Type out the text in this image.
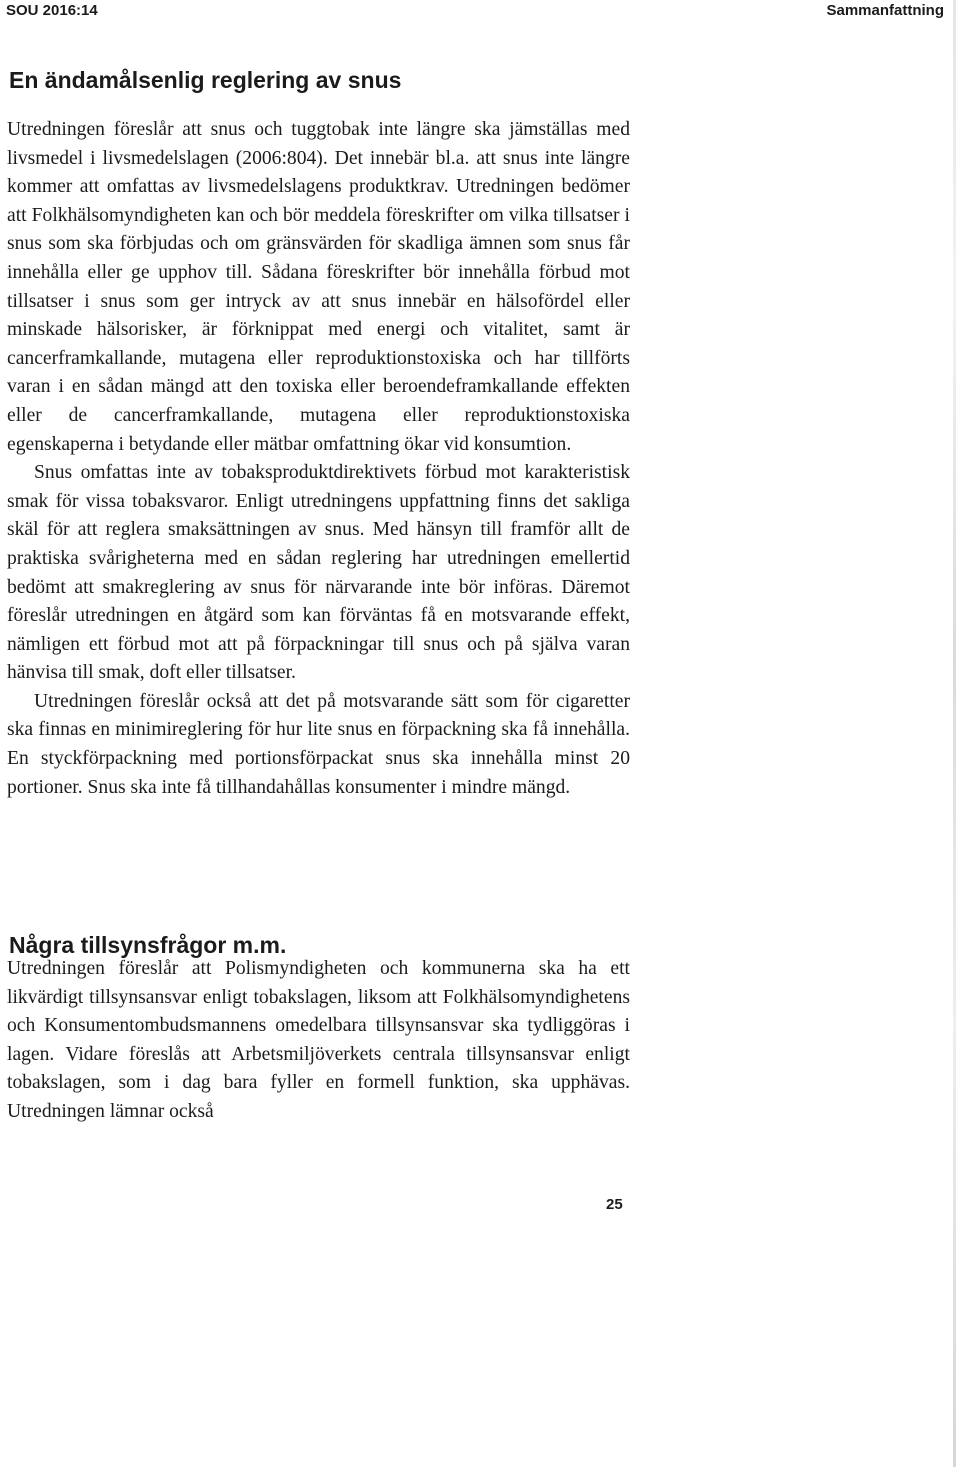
SOU 2016:14	Sammanfattning
En ändamålsenlig reglering av snus

Utredningen föreslår att snus och tuggtobak inte längre ska jämställas med livsmedel i livsmedelslagen (2006:804). Det innebär bl.a. att snus inte längre kommer att omfattas av livsmedelslagens produktkrav. Utredningen bedömer att Folkhälsomyndigheten kan och bör meddela föreskrifter om vilka tillsatser i snus som ska förbjudas och om gränsvärden för skadliga ämnen som snus får innehålla eller ge upphov till. Sådana föreskrifter bör innehålla förbud mot tillsatser i snus som ger intryck av att snus innebär en hälsofördel eller minskade hälsorisker, är förknippat med energi och vitalitet, samt är cancerframkallande, mutagena eller reproduktionstoxiska och har tillförts varan i en sådan mängd att den toxiska eller beroendeframkallande effekten eller de cancerframkallande, mutagena eller reproduktionstoxiska egenskaperna i betydande eller mätbar omfattning ökar vid konsumtion.

Snus omfattas inte av tobaksproduktdirektivets förbud mot karakteristisk smak för vissa tobaksvaror. Enligt utredningens uppfattning finns det sakliga skäl för att reglera smaksättningen av snus. Med hänsyn till framför allt de praktiska svårigheterna med en sådan reglering har utredningen emellertid bedömt att smakreglering av snus för närvarande inte bör införas. Däremot föreslår utredningen en åtgärd som kan förväntas få en motsvarande effekt, nämligen ett förbud mot att på förpackningar till snus och på själva varan hänvisa till smak, doft eller tillsatser.

Utredningen föreslår också att det på motsvarande sätt som för cigaretter ska finnas en minimireglering för hur lite snus en förpackning ska få innehålla. En styckförpackning med portionsförpackat snus ska innehålla minst 20 portioner. Snus ska inte få tillhandahållas konsumenter i mindre mängd.

Några tillsynsfrågor m.m.

Utredningen föreslår att Polismyndigheten och kommunerna ska ha ett likvärdigt tillsynsansvar enligt tobakslagen, liksom att Folkhälsomyndighetens och Konsumentombudsmannens omedelbara tillsynsansvar ska tydliggöras i lagen. Vidare föreslås att Arbetsmiljöverkets centrala tillsynsansvar enligt tobakslagen, som i dag bara fyller en formell funktion, ska upphävas. Utredningen lämnar också

25
